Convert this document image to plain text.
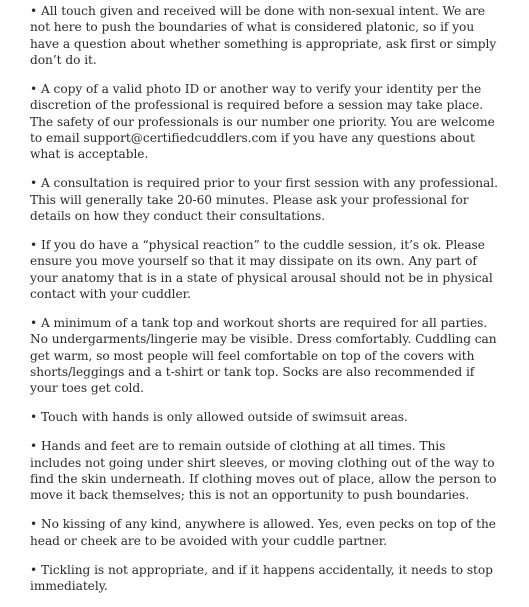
• All touch given and received will be done with non-sexual intent. We are not here to push the boundaries of what is considered platonic, so if you have a question about whether something is appropriate, ask first or simply don’t do it.

• A copy of a valid photo ID or another way to verify your identity per the discretion of the professional is required before a session may take place. The safety of our professionals is our number one priority. You are welcome to email support@certifiedcuddlers.com if you have any questions about what is acceptable.

• A consultation is required prior to your first session with any professional. This will generally take 20-60 minutes. Please ask your professional for details on how they conduct their consultations.

• If you do have a “physical reaction” to the cuddle session, it’s ok. Please ensure you move yourself so that it may dissipate on its own. Any part of your anatomy that is in a state of physical arousal should not be in physical contact with your cuddler.

• A minimum of a tank top and workout shorts are required for all parties. No undergarments/lingerie may be visible. Dress comfortably. Cuddling can get warm, so most people will feel comfortable on top of the covers with shorts/leggings and a t-shirt or tank top. Socks are also recommended if your toes get cold.

• Touch with hands is only allowed outside of swimsuit areas.

• Hands and feet are to remain outside of clothing at all times. This includes not going under shirt sleeves, or moving clothing out of the way to find the skin underneath. If clothing moves out of place, allow the person to move it back themselves; this is not an opportunity to push boundaries.

• No kissing of any kind, anywhere is allowed. Yes, even pecks on top of the head or cheek are to be avoided with your cuddle partner.

• Tickling is not appropriate, and if it happens accidentally, it needs to stop immediately.
